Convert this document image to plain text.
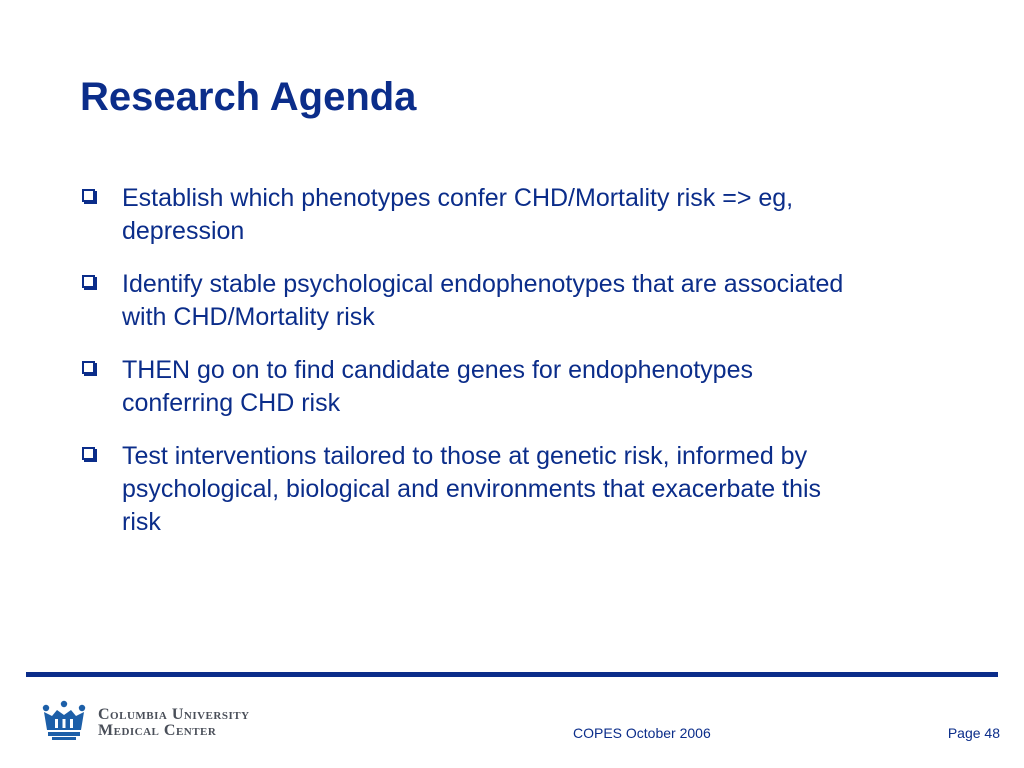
Research Agenda
Establish which phenotypes confer CHD/Mortality risk => eg, depression
Identify stable psychological endophenotypes that are associated with CHD/Mortality risk
THEN go on to find candidate genes for endophenotypes conferring CHD risk
Test interventions tailored to those at genetic risk, informed by psychological, biological and environments that exacerbate this risk
Columbia University
Medical Center	COPES October 2006	Page 48
